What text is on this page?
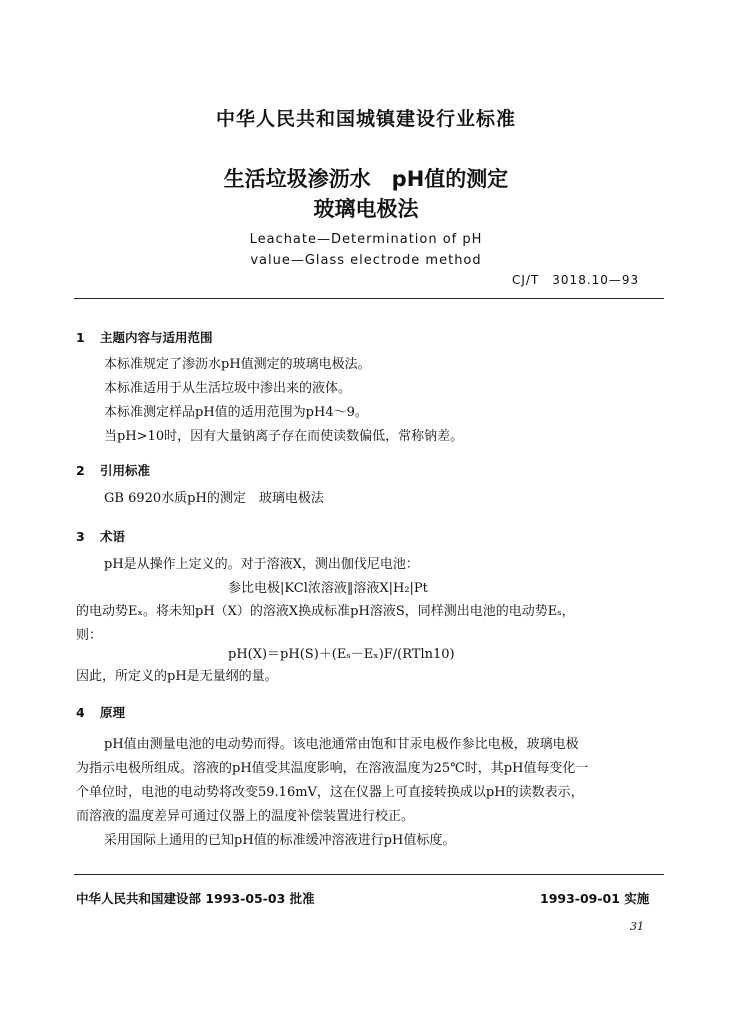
中华人民共和国城镇建设行业标准
生活垃圾渗沥水　pH值的测定
玻璃电极法
Leachate—Determination of pH
value—Glass electrode method
CJ/T　3018.10—93
1 主题内容与适用范围
本标准规定了渗沥水pH值测定的玻璃电极法。
本标准适用于从生活垃圾中渗出来的液体。
本标准测定样品pH值的适用范围为pH4～9。
当pH>10时，因有大量钠离子存在而使读数偏低，常称钠差。
2 引用标准
GB 6920水质pH的测定　玻璃电极法
3 术语
pH是从操作上定义的。对于溶液X，测出伽伐尼电池：
参比电极|KCl浓溶液‖溶液X|H₂|Pt
的电动势Eₓ。将未知pH（X）的溶液X换成标准pH溶液S，同样测出电池的电动势Eₛ，
则：
pH(X)＝pH(S)＋(Eₛ－Eₓ)F/(RTln10)
因此，所定义的pH是无量纲的量。
4 原理
pH值由测量电池的电动势而得。该电池通常由饱和甘汞电极作参比电极，玻璃电极
为指示电极所组成。溶液的pH值受其温度影响，在溶液温度为25℃时，其pH值每变化一
个单位时，电池的电动势将改变59.16mV，这在仪器上可直接转换成以pH的读数表示，
而溶液的温度差异可通过仪器上的温度补偿装置进行校正。
采用国际上通用的已知pH值的标准缓冲溶液进行pH值标度。
中华人民共和国建设部 1993-05-03 批准	1993-09-01 实施
31
